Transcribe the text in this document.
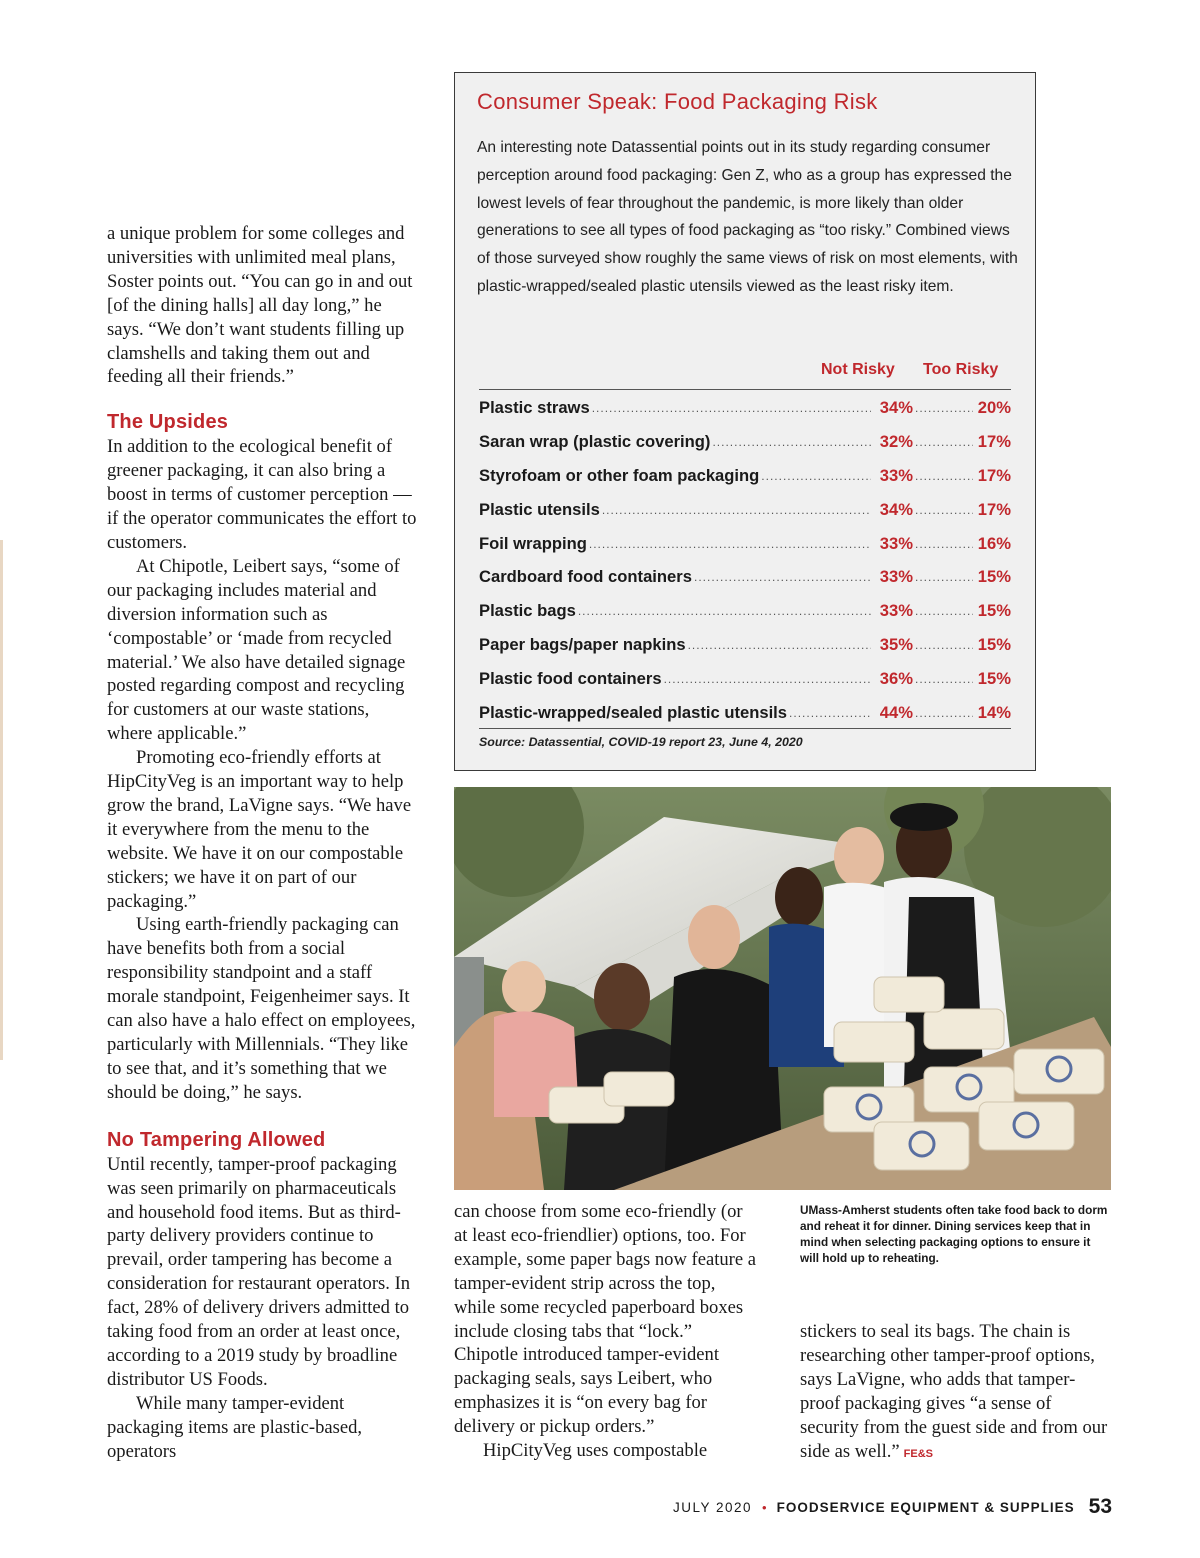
a unique problem for some colleges and universities with unlimited meal plans, Soster points out. “You can go in and out [of the dining halls] all day long,” he says. “We don’t want students filling up clamshells and taking them out and feeding all their friends.”

The Upsides

In addition to the ecological benefit of greener packaging, it can also bring a boost in terms of customer perception — if the operator communicates the effort to customers.

At Chipotle, Leibert says, “some of our packaging includes material and diversion information such as ‘compostable’ or ‘made from recycled material.’ We also have detailed signage posted regarding compost and recycling for customers at our waste stations, where applicable.”

Promoting eco-friendly efforts at HipCityVeg is an important way to help grow the brand, LaVigne says. “We have it everywhere from the menu to the website. We have it on our compostable stickers; we have it on part of our packaging.”

Using earth-friendly packaging can have benefits both from a social responsibility standpoint and a staff morale standpoint, Feigenheimer says. It can also have a halo effect on employees, particularly with Millennials. “They like to see that, and it’s something that we should be doing,” he says.

No Tampering Allowed

Until recently, tamper-proof packaging was seen primarily on pharmaceuticals and household food items. But as third-party delivery providers continue to prevail, order tampering has become a consideration for restaurant operators. In fact, 28% of delivery drivers admitted to taking food from an order at least once, according to a 2019 study by broadline distributor US Foods.

While many tamper-evident packaging items are plastic-based, operators

Consumer Speak: Food Packaging Risk
An interesting note Datassential points out in its study regarding consumer perception around food packaging: Gen Z, who as a group has expressed the lowest levels of fear throughout the pandemic, is more likely than older generations to see all types of food packaging as “too risky.” Combined views of those surveyed show roughly the same views of risk on most elements, with plastic-wrapped/sealed plastic utensils viewed as the least risky item.
Not Risky Too Risky
Plastic straws .....	34% .....	20%
Saran wrap (plastic covering) .....	32% .....	17%
Styrofoam or other foam packaging .....	33% .....	17%
Plastic utensils .....	34% .....	17%
Foil wrapping .....	33% .....	16%
Cardboard food containers .....	33% .....	15%
Plastic bags .....	33% .....	15%
Paper bags/paper napkins .....	35% .....	15%
Plastic food containers .....	36% .....	15%
Plastic-wrapped/sealed plastic utensils .....	44% .....	14%
Source: Datassential, COVID-19 report 23, June 4, 2020

can choose from some eco-friendly (or at least eco-friendlier) options, too. For example, some paper bags now feature a tamper-evident strip across the top, while some recycled paperboard boxes include closing tabs that “lock.” Chipotle introduced tamper-evident packaging seals, says Leibert, who emphasizes it is “on every bag for delivery or pickup orders.”

HipCityVeg uses compostable

UMass-Amherst students often take food back to dorm and reheat it for dinner. Dining services keep that in mind when selecting packaging options to ensure it will hold up to reheating.

stickers to seal its bags. The chain is researching other tamper-proof options, says LaVigne, who adds that tamper-proof packaging gives “a sense of security from the guest side and from our side as well.” FE&S

JULY 2020 • FOODSERVICE EQUIPMENT & SUPPLIES 53
